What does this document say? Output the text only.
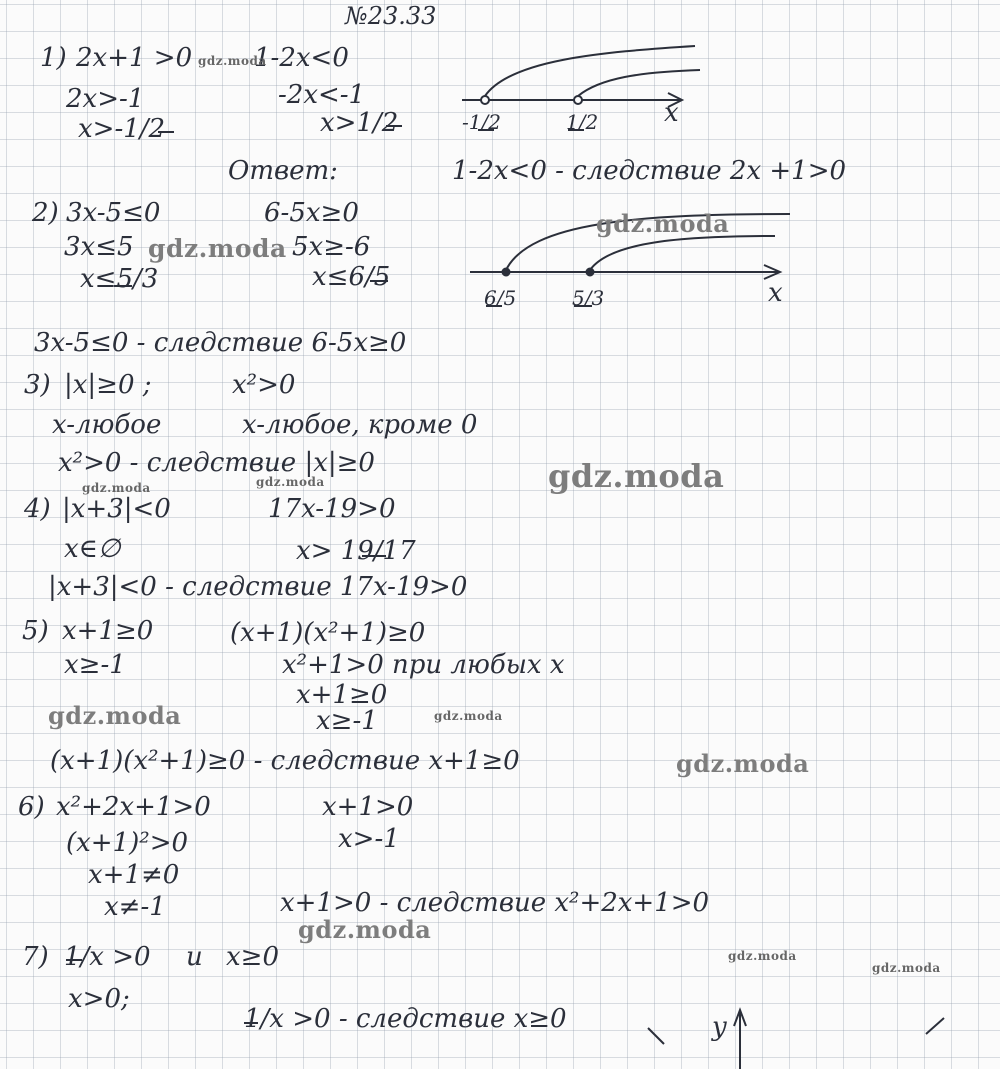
№23.33
1) 2x+1 >0 1-2x<0
2x>-1	-2x<-1
x>-1/2	x>1/2	-1/2	1/2	x
Ответ:	1-2x<0 - следствие 2x +1>0
2) 3x-5≤0	6-5x≥0
3x≤5	5x≥-6
x≤5/3	x≤6/5
6/5	5/3	x
3x-5≤0 - следствие 6-5x≥0
3) |x|≥0 ;	x²>0
x-любое	x-любое, кроме 0
x²>0 - следствие |x|≥0
4) |x+3|<0	17x-19>0
x∈∅	x> 19/17
|x+3|<0 - следствие 17x-19>0
5) x+1≥0	(x+1)(x²+1)≥0
x≥-1	x²+1>0 при любых x
x+1≥0
x≥-1
(x+1)(x²+1)≥0 - следствие x+1≥0
6) x²+2x+1>0	x+1>0
(x+1)²>0	x>-1
x+1≠0
x≠-1	x+1>0 - следствие x²+2x+1>0
7) 1/x >0 и x≥0
x>0;
1/x >0 - следствие x≥0	y
gdz.moda
gdz.moda
gdz.moda
gdz.moda
gdz.moda	gdz.moda
gdz.moda	gdz.moda
gdz.moda
gdz.moda
gdz.moda
gdz.moda
